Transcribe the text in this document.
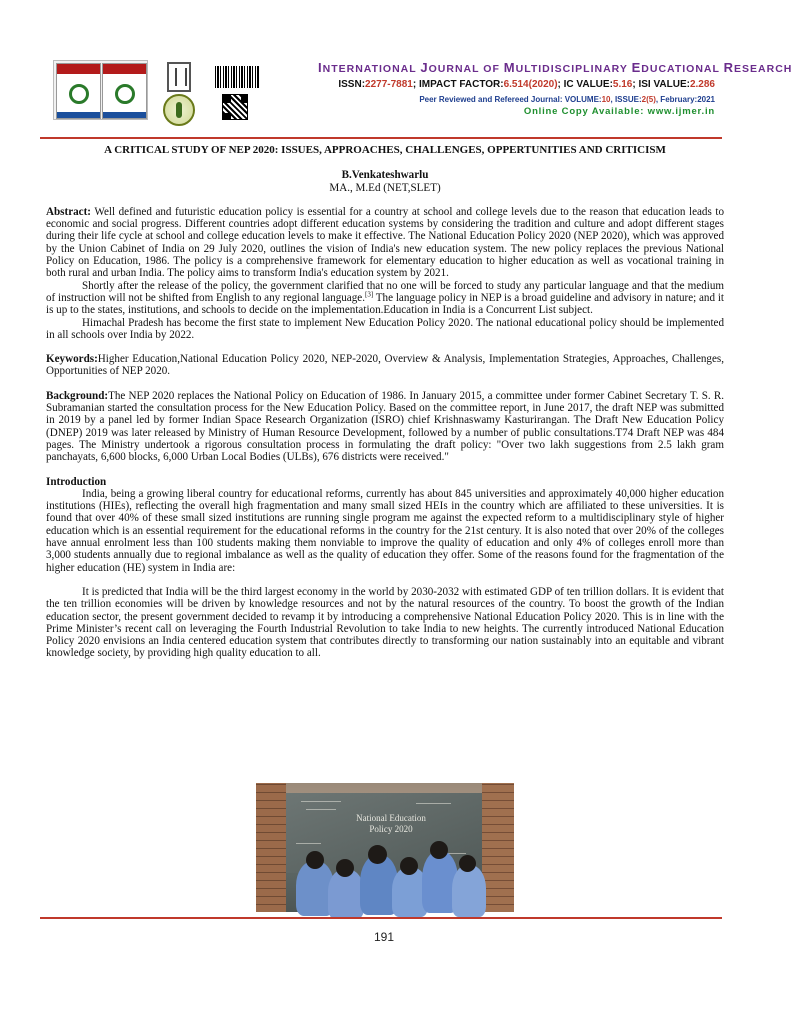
INTERNATIONAL JOURNAL OF MULTIDISCIPLINARY EDUCATIONAL RESEARCH
ISSN:2277-7881; IMPACT FACTOR:6.514(2020); IC VALUE:5.16; ISI VALUE:2.286
Peer Reviewed and Refereed Journal: VOLUME:10, ISSUE:2(5), February:2021
Online Copy Available: www.ijmer.in
A CRITICAL STUDY OF NEP 2020: ISSUES, APPROACHES, CHALLENGES, OPPERTUNITIES AND CRITICISM
B.Venkateshwarlu
MA., M.Ed (NET,SLET)
Abstract: Well defined and futuristic education policy is essential for a country at school and college levels due to the reason that education leads to economic and social progress. Different countries adopt different education systems by considering the tradition and culture and adopt different stages during their life cycle at school and college education levels to make it effective. The National Education Policy 2020 (NEP 2020), which was approved by the Union Cabinet of India on 29 July 2020, outlines the vision of India's new education system. The new policy replaces the previous National Policy on Education, 1986. The policy is a comprehensive framework for elementary education to higher education as well as vocational training in both rural and urban India. The policy aims to transform India's education system by 2021.
Shortly after the release of the policy, the government clarified that no one will be forced to study any particular language and that the medium of instruction will not be shifted from English to any regional language.[3] The language policy in NEP is a broad guideline and advisory in nature; and it is up to the states, institutions, and schools to decide on the implementation.Education in India is a Concurrent List subject.
Himachal Pradesh has become the first state to implement New Education Policy 2020. The national educational policy should be implemented in all schools over India by 2022.
Keywords:Higher Education,National Education Policy 2020, NEP-2020, Overview & Analysis, Implementation Strategies, Approaches, Challenges, Opportunities of NEP 2020.
Background:The NEP 2020 replaces the National Policy on Education of 1986. In January 2015, a committee under former Cabinet Secretary T. S. R. Subramanian started the consultation process for the New Education Policy. Based on the committee report, in June 2017, the draft NEP was submitted in 2019 by a panel led by former Indian Space Research Organization (ISRO) chief Krishnaswamy Kasturirangan. The Draft New Education Policy (DNEP) 2019 was later released by Ministry of Human Resource Development, followed by a number of public consultations.T74 Draft NEP was 484 pages. The Ministry undertook a rigorous consultation process in formulating the draft policy: "Over two lakh suggestions from 2.5 lakh gram panchayats, 6,600 blocks, 6,000 Urban Local Bodies (ULBs), 676 districts were received."
Introduction
India, being a growing liberal country for educational reforms, currently has about 845 universities and approximately 40,000 higher education institutions (HIEs), reflecting the overall high fragmentation and many small sized HEIs in the country which are affiliated to these universities. It is found that over 40% of these small sized institutions are running single program me against the expected reform to a multidisciplinary style of higher education which is an essential requirement for the educational reforms in the country for the 21st century. It is also noted that over 20% of the colleges have annual enrolment less than 100 students making them nonviable to improve the quality of education and only 4% of colleges enroll more than 3,000 students annually due to regional imbalance as well as the quality of education they offer. Some of the reasons found for the fragmentation of the higher education (HE) system in India are:
It is predicted that India will be the third largest economy in the world by 2030-2032 with estimated GDP of ten trillion dollars. It is evident that the ten trillion economies will be driven by knowledge resources and not by the natural resources of the country. To boost the growth of the Indian education sector, the present government decided to revamp it by introducing a comprehensive National Education Policy 2020. This is in line with the Prime Minister’s recent call on leveraging the Fourth Industrial Revolution to take India to new heights. The currently introduced National Education Policy 2020 envisions an India centered education system that contributes directly to transforming our nation sustainably into an equitable and vibrant knowledge society, by providing high quality education to all.
National Education
Policy 2020
191
